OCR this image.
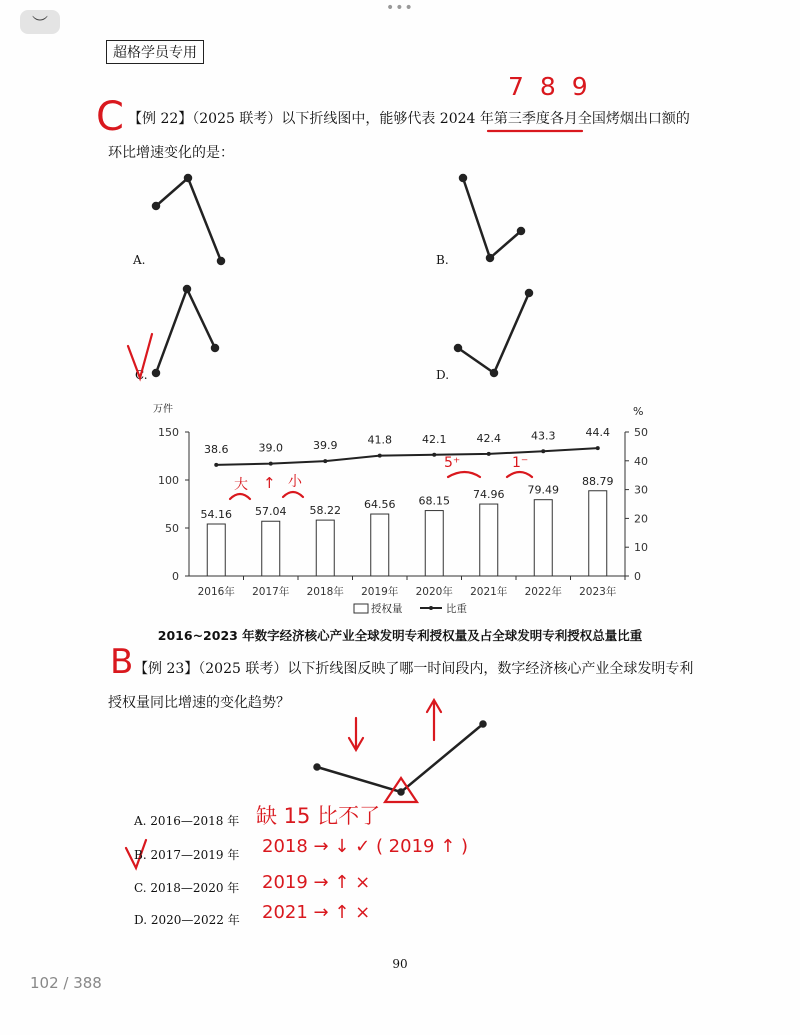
︶
•••
超格学员专用
【例 22】（2025 联考）以下折线图中，能够代表 2024 年第三季度各月全国烤烟出口额的
环比增速变化的是：
A.	B.
C.	D.
万件	%
0
50
100
150
0
10
20
30
40
50
2016年
54.16
38.6
2017年
57.04
39.0
2018年
58.22
39.9
2019年
64.56
41.8
2020年
68.15
42.1
2021年
74.96
42.4
2022年
79.49
43.3
2023年
88.79
44.4
授权量	比重
C
7 8 9
B
缺 15 比不了
2018 → ↓ ✓ ( 2019 ↑ )
2019 → ↑ ×
2021 → ↑ ×
大 ↑ 小
5⁺	1⁻
2016~2023 年数字经济核心产业全球发明专利授权量及占全球发明专利授权总量比重
【例 23】（2025 联考）以下折线图反映了哪一时间段内，数字经济核心产业全球发明专利
授权量同比增速的变化趋势？
A. 2016—2018 年
B. 2017—2019 年
C. 2018—2020 年
D. 2020—2022 年
90
102 / 388
